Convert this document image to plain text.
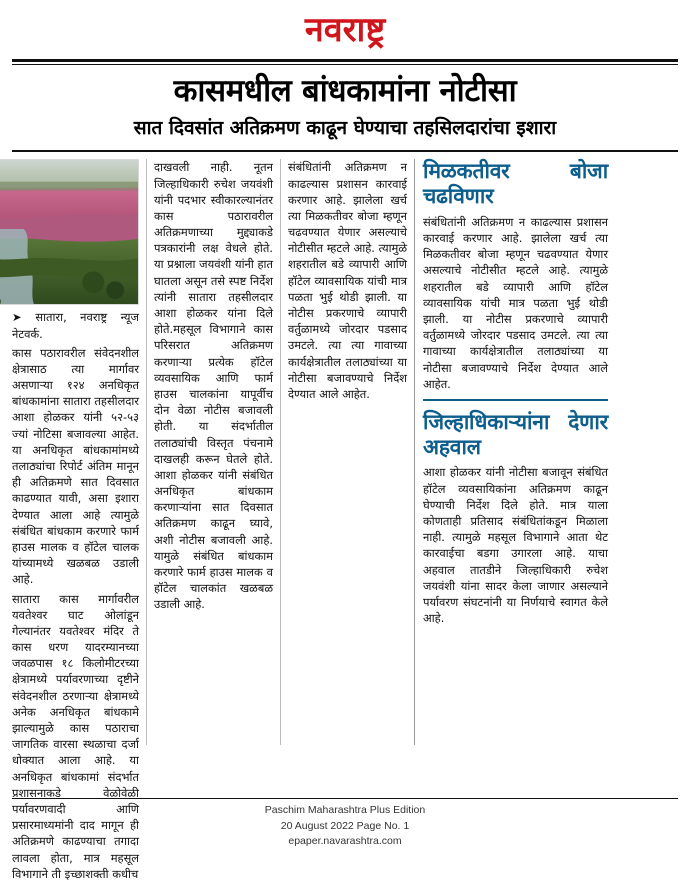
नवराष्ट्र
कासमधील बांधकामांना नोटीसा
सात दिवसांत अतिक्रमण काढून घेण्याचा तहसिलदारांचा इशारा

➤ सातारा, नवराष्ट्र न्यूज नेटवर्क.

कास पठारावरील संवेदनशील क्षेत्रासाठ त्या मार्गावर असणाऱ्या १२४ अनधिकृत बांधकामांना सातारा तहसीलदार आशा होळकर यांनी ५२-५३ ज्यां नोटिसा बजावल्या आहेत. या अनधिकृत बांधकामांमध्ये तलाठ्यांचा रिपोर्ट अंतिम मानून ही अतिक्रमणे सात दिवसात काढण्यात यावी, असा इशारा देण्यात आला आहे त्यामुळे संबंधित बांधकाम करणारे फार्म हाउस मालक व हॉटेल चालक यांच्यामध्ये खळबळ उडाली आहे.

सातारा कास मार्गावरील यवतेश्वर घाट ओलांडून गेल्यानंतर यवतेश्वर मंदिर ते कास धरण यादरम्यानच्या जवळपास १८ किलोमीटरच्या क्षेत्रामध्ये पर्यावरणाच्या दृष्टीने संवेदनशील ठरणाऱ्या क्षेत्रामध्ये अनेक अनधिकृत बांधकामे झाल्यामुळे कास पठाराचा जागतिक वारसा स्थळाचा दर्जा धोक्यात आला आहे. या अनधिकृत बांधकामां संदर्भात प्रशासनाकडे वेळोवेळी पर्यावरणवादी आणि प्रसारमाध्यमांनी दाद मागून ही अतिक्रमणे काढण्याचा तगादा लावला होता, मात्र महसूल विभागाने ती इच्छाशक्ती कधीच

दाखवली नाही. नूतन जिल्हाधिकारी रुचेश जयवंशी यांनी पदभार स्वीकारल्यानंतर कास पठारावरील अतिक्रमणाच्या मुद्द्याकडे पत्रकारांनी लक्ष वेधले होते. या प्रश्नाला जयवंशी यांनी हात घातला असून तसे स्पष्ट निर्देश त्यांनी सातारा तहसीलदार आशा होळकर यांना दिले होते.महसूल विभागाने कास परिसरात अतिक्रमण करणाऱ्या प्रत्येक हॉटेल व्यवसायिक आणि फार्म हाउस चालकांना यापूर्वीच दोन वेळा नोटीस बजावली होती. या संदर्भातील तलाठ्यांची विस्तृत पंचनामे दाखलही करून घेतले होते. आशा होळकर यांनी संबंधित अनधिकृत बांधकाम करणाऱ्यांना सात दिवसात अतिक्रमण काढून घ्यावे, अशी नोटीस बजावली आहे. यामुळे संबंधित बांधकाम करणारे फार्म हाउस मालक व हॉटेल चालकांत खळबळ उडाली आहे.

संबंधितांनी अतिक्रमण न काढल्यास प्रशासन कारवाई करणार आहे. झालेला खर्च त्या मिळकतीवर बोजा म्हणून चढवण्यात येणार असल्याचे नोटीसीत म्हटले आहे. त्यामुळे शहरातील बडे व्यापारी आणि हॉटेल व्यावसायिक यांची मात्र पळता भुई थोडी झाली. या नोटीस प्रकरणाचे व्यापारी वर्तुळामध्ये जोरदार पडसाद उमटले. त्या त्या गावाच्या कार्यक्षेत्रातील तलाठ्यांच्या या नोटीसा बजावण्याचे निर्देश देण्यात आले आहेत.

मिळकतीवर बोजा चढविणार

संबंधितांनी अतिक्रमण न काढल्यास प्रशासन कारवाई करणार आहे. झालेला खर्च त्या मिळकतीवर बोजा म्हणून चढवण्यात येणार असल्याचे नोटीसीत म्हटले आहे. त्यामुळे शहरातील बडे व्यापारी आणि हॉटेल व्यावसायिक यांची मात्र पळता भुई थोडी झाली. या नोटीस प्रकरणाचे व्यापारी वर्तुळामध्ये जोरदार पडसाद उमटले. त्या त्या गावाच्या कार्यक्षेत्रातील तलाठ्यांच्या या नोटीसा बजावण्याचे निर्देश देण्यात आले आहेत.

जिल्हाधिकाऱ्यांना देणार अहवाल

आशा होळकर यांनी नोटीसा बजावून संबंधित हॉटेल व्यवसायिकांना अतिक्रमण काढून घेण्याची निर्देश दिले होते. मात्र याला कोणताही प्रतिसाद संबंधितांकडून मिळाला नाही. त्यामुळे महसूल विभागाने आता थेट कारवाईचा बडगा उगारला आहे. याचा अहवाल तातडीने जिल्हाधिकारी रुचेश जयवंशी यांना सादर केला जाणार असल्याने पर्यावरण संघटनांनी या निर्णयाचे स्वागत केले आहे.

Paschim Maharashtra Plus Edition
20 August 2022 Page No. 1
epaper.navarashtra.com
